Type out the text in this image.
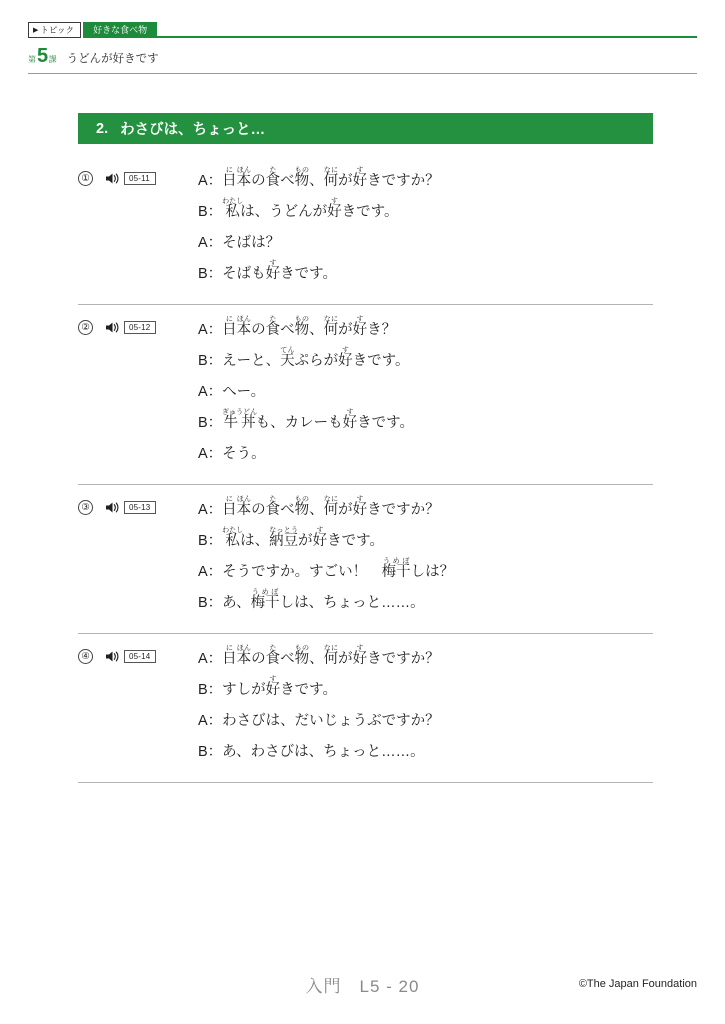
▶ トピック	好きな食べ物
第 5 課 うどんが好きです
2. わさびは、ちょっと…
①	05-11	A：日に本ほんの食たべ物もの、何なにが好すきですか？
B：私わたしは、うどんが好すきです。
A：そばは？
B：そばも好すきです。
②	05-12	A：日に本ほんの食たべ物もの、何なにが好すき？
B：えーと、天てんぷらが好すきです。
A：へー。
B：牛丼ぎゅうどんも、カレーも好すきです。
A：そう。
③	05-13	A：日に本ほんの食たべ物もの、何なにが好すきですか？
B：私わたしは、納豆なっとうが好すきです。
A：そうですか。すごい！　梅干うめぼしは？
B：あ、梅干うめぼしは、ちょっと……。
④	05-14	A：日に本ほんの食たべ物もの、何なにが好すきですか？
B：すしが好すきです。
A：わさびは、だいじょうぶですか？
B：あ、わさびは、ちょっと……。
入門　L5 - 20	©The Japan Foundation
